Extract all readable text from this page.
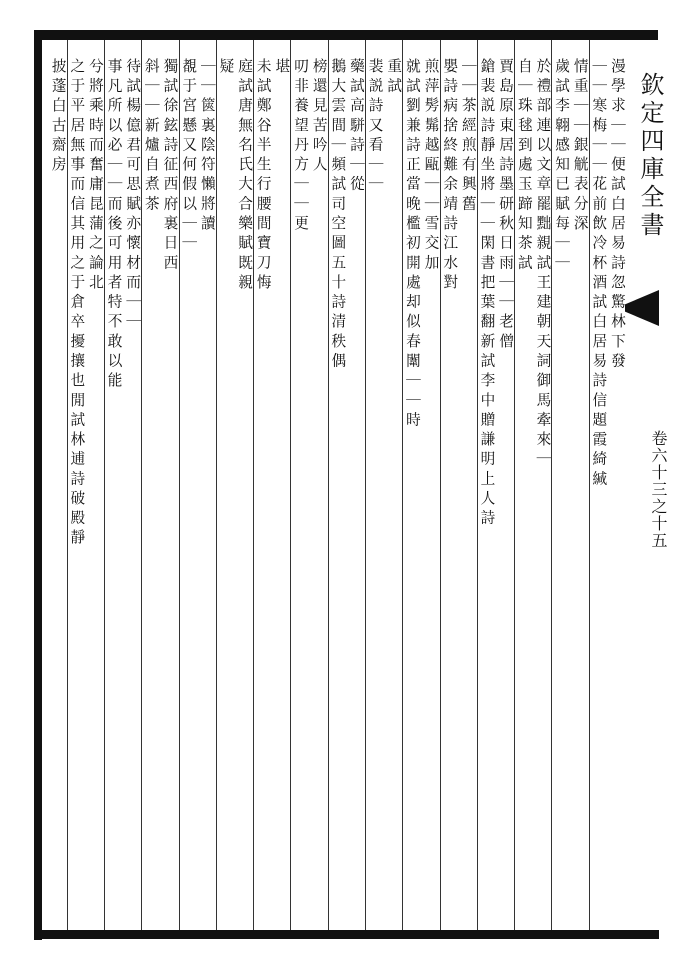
欽定四庫全書
卷六十三之十五
漫學求｜｜便試白居易詩忽驚林下發
｜｜寒梅｜｜花前飲冷杯酒試白居易詩信題霞綺緘
情重｜｜銀觥表分深
歲試李翺感知已賦每｜｜
於禮部連以文章罷黜親試王建朝天詞御馬牽來｜
自｜珠毬到處玉蹄知茶試
賈島原東居詩墨研秋日雨｜｜老僧
鎗裴説詩靜坐將｜｜閑書把葉翻新試李中贈謙明上人詩
｜｜茶經煎有興舊
嬰詩病捨終難余靖詩江水對
煎萍髣髴越甌｜｜雪交加
就試劉兼詩正當晚檻初開處却似春闈｜｜時
重試
裴説詩又看｜｜
藥試高駢詩｜從
鵝大雲間｜頻試司空圖五十詩清秩偶
榜還見苦吟人
叨非養望丹方｜｜更
堪
未試鄭谷半生行腰間寶刀悔
庭試唐無名氏大合樂賦既親
疑
｜｜篋裏陰符懶將讀
覩于宮懸又何假以｜｜
獨試徐鉉詩征西府裏日西
斜｜｜新爐自煮茶
待試楊億君可思賦亦懷材而｜｜
事凡所以必｜｜而後可用者特不敢以能
兮將乘時而奮庸昆蒲之論北
之于平居無事而信其用之于倉卒擾攘也閒試林逋詩破殿靜
披蓬白古齋房
